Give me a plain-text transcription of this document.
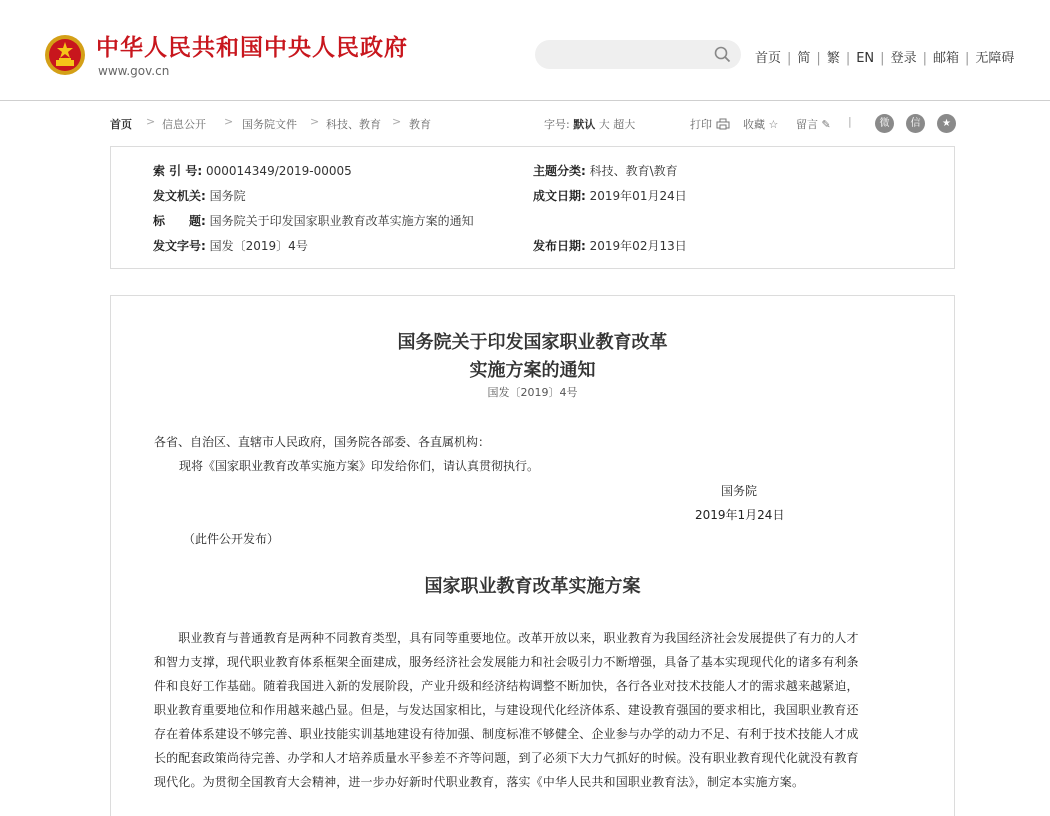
中华人民共和国中央人民政府
www.gov.cn
首页 | 简 | 繁 | EN | 登录 | 邮箱 | 无障碍
首页 > 信息公开 > 国务院文件 > 科技、教育 > 教育	字号: 默认 大 超大	打印	收藏 ☆ 留言 ✎ |	微	信	★
索 引 号: 000014349/2019-00005	主题分类: 科技、教育\教育
发文机关: 国务院	成文日期: 2019年01月24日
标　　题: 国务院关于印发国家职业教育改革实施方案的通知
发文字号: 国发〔2019〕4号	发布日期: 2019年02月13日
国务院关于印发国家职业教育改革
实施方案的通知
国发〔2019〕4号
各省、自治区、直辖市人民政府，国务院各部委、各直属机构：
现将《国家职业教育改革实施方案》印发给你们，请认真贯彻执行。
国务院
2019年1月24日
（此件公开发布）
国家职业教育改革实施方案
　　职业教育与普通教育是两种不同教育类型，具有同等重要地位。改革开放以来，职业教育为我国经济社会发展提供了有力的人才
和智力支撑，现代职业教育体系框架全面建成，服务经济社会发展能力和社会吸引力不断增强，具备了基本实现现代化的诸多有利条
件和良好工作基础。随着我国进入新的发展阶段，产业升级和经济结构调整不断加快，各行各业对技术技能人才的需求越来越紧迫，
职业教育重要地位和作用越来越凸显。但是，与发达国家相比，与建设现代化经济体系、建设教育强国的要求相比，我国职业教育还
存在着体系建设不够完善、职业技能实训基地建设有待加强、制度标准不够健全、企业参与办学的动力不足、有利于技术技能人才成
长的配套政策尚待完善、办学和人才培养质量水平参差不齐等问题，到了必须下大力气抓好的时候。没有职业教育现代化就没有教育
现代化。为贯彻全国教育大会精神，进一步办好新时代职业教育，落实《中华人民共和国职业教育法》，制定本实施方案。
